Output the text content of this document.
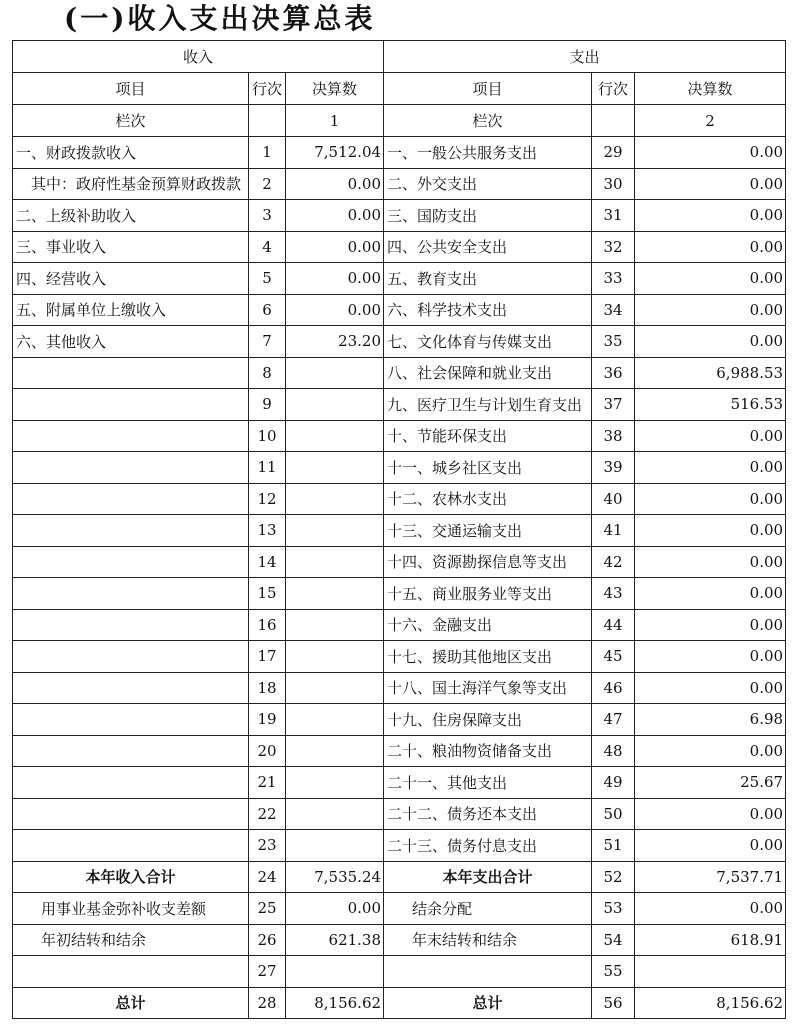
(一)收入支出决算总表
收入			支出		
项目	行次	决算数	项目	行次	决算数
栏次		1	栏次		2
一、财政拨款收入	1	7,512.04	一、一般公共服务支出	29	0.00
其中：政府性基金预算财政拨款	2	0.00	二、外交支出	30	0.00
二、上级补助收入	3	0.00	三、国防支出	31	0.00
三、事业收入	4	0.00	四、公共安全支出	32	0.00
四、经营收入	5	0.00	五、教育支出	33	0.00
五、附属单位上缴收入	6	0.00	六、科学技术支出	34	0.00
六、其他收入	7	23.20	七、文化体育与传媒支出	35	0.00
	8		八、社会保障和就业支出	36	6,988.53
	9		九、医疗卫生与计划生育支出	37	516.53
	10		十、节能环保支出	38	0.00
	11		十一、城乡社区支出	39	0.00
	12		十二、农林水支出	40	0.00
	13		十三、交通运输支出	41	0.00
	14		十四、资源勘探信息等支出	42	0.00
	15		十五、商业服务业等支出	43	0.00
	16		十六、金融支出	44	0.00
	17		十七、援助其他地区支出	45	0.00
	18		十八、国土海洋气象等支出	46	0.00
	19		十九、住房保障支出	47	6.98
	20		二十、粮油物资储备支出	48	0.00
	21		二十一、其他支出	49	25.67
	22		二十二、债务还本支出	50	0.00
	23		二十三、债务付息支出	51	0.00
本年收入合计	24	7,535.24	本年支出合计	52	7,537.71
用事业基金弥补收支差额	25	0.00	结余分配	53	0.00
年初结转和结余	26	621.38	年末结转和结余	54	618.91
	27			55	
总计	28	8,156.62	总计	56	8,156.62
